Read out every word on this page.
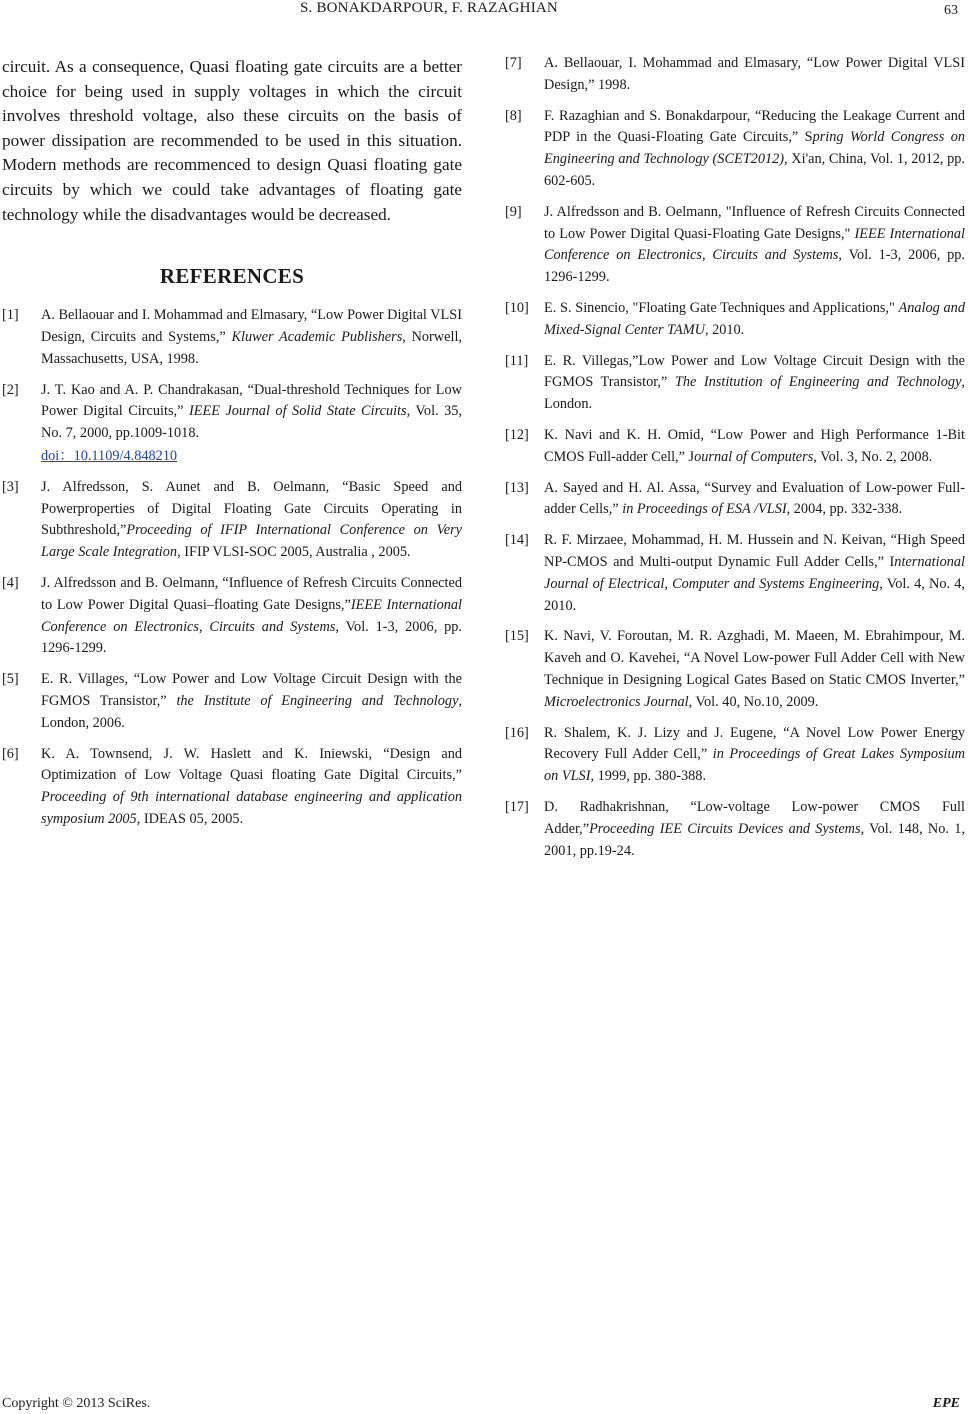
S. BONAKDARPOUR, F. RAZAGHIAN	63

circuit. As a consequence, Quasi floating gate circuits are a better choice for being used in supply voltages in which the circuit involves threshold voltage, also these circuits on the basis of power dissipation are recommended to be used in this situation. Modern methods are recommenced to design Quasi floating gate circuits by which we could take advantages of floating gate technology while the disadvantages would be decreased.

REFERENCES
[1]	A. Bellaouar and I. Mohammad and Elmasary, “Low Power Digital VLSI Design, Circuits and Systems,” Kluwer Academic Publishers, Norwell, Massachusetts, USA, 1998.
[2]	J. T. Kao and A. P. Chandrakasan, “Dual-threshold Techniques for Low Power Digital Circuits,” IEEE Journal of Solid State Circuits, Vol. 35, No. 7, 2000, pp.1009-1018.
doi：10.1109/4.848210
[3]	J. Alfredsson, S. Aunet and B. Oelmann, “Basic Speed and Powerproperties of Digital Floating Gate Circuits Operating in Subthreshold,”Proceeding of IFIP International Conference on Very Large Scale Integration, IFIP VLSI-SOC 2005, Australia , 2005.
[4]	J. Alfredsson and B. Oelmann, “Influence of Refresh Circuits Connected to Low Power Digital Quasi–floating Gate Designs,”IEEE International Conference on Electronics, Circuits and Systems, Vol. 1-3, 2006, pp. 1296-1299.
[5]	E. R. Villages, “Low Power and Low Voltage Circuit Design with the FGMOS Transistor,” the Institute of Engineering and Technology, London, 2006.
[6]	K. A. Townsend, J. W. Haslett and K. Iniewski, “Design and Optimization of Low Voltage Quasi floating Gate Digital Circuits,” Proceeding of 9th international database engineering and application symposium 2005, IDEAS 05, 2005.
[7]	A. Bellaouar, I. Mohammad and Elmasary, “Low Power Digital VLSI Design,” 1998.
[8]	F. Razaghian and S. Bonakdarpour, “Reducing the Leakage Current and PDP in the Quasi-Floating Gate Circuits,” Spring World Congress on Engineering and Technology (SCET2012), Xi'an, China, Vol. 1, 2012, pp. 602-605.
[9]	J. Alfredsson and B. Oelmann, "Influence of Refresh Circuits Connected to Low Power Digital Quasi-Floating Gate Designs," IEEE International Conference on Electronics, Circuits and Systems, Vol. 1-3, 2006, pp. 1296-1299.
[10]	E. S. Sinencio, "Floating Gate Techniques and Applications," Analog and Mixed-Signal Center TAMU, 2010.
[11]	E. R. Villegas,”Low Power and Low Voltage Circuit Design with the FGMOS Transistor,” The Institution of Engineering and Technology, London.
[12]	K. Navi and K. H. Omid, “Low Power and High Performance 1-Bit CMOS Full-adder Cell,” Journal of Computers, Vol. 3, No. 2, 2008.
[13]	A. Sayed and H. Al. Assa, “Survey and Evaluation of Low-power Full-adder Cells,” in Proceedings of ESA /VLSI, 2004, pp. 332-338.
[14]	R. F. Mirzaee, Mohammad, H. M. Hussein and N. Keivan, “High Speed NP-CMOS and Multi-output Dynamic Full Adder Cells,” International Journal of Electrical, Computer and Systems Engineering, Vol. 4, No. 4, 2010.
[15]	K. Navi, V. Foroutan, M. R. Azghadi, M. Maeen, M. Ebrahimpour, M. Kaveh and O. Kavehei, “A Novel Low-power Full Adder Cell with New Technique in Designing Logical Gates Based on Static CMOS Inverter,” Microelectronics Journal, Vol. 40, No.10, 2009.
[16]	R. Shalem, K. J. Lizy and J. Eugene, “A Novel Low Power Energy Recovery Full Adder Cell,” in Proceedings of Great Lakes Symposium on VLSI, 1999, pp. 380-388.
[17]	D. Radhakrishnan, “Low-voltage Low-power CMOS Full Adder,”Proceeding IEE Circuits Devices and Systems, Vol. 148, No. 1, 2001, pp.19-24.
Copyright © 2013 SciRes.	EPE
